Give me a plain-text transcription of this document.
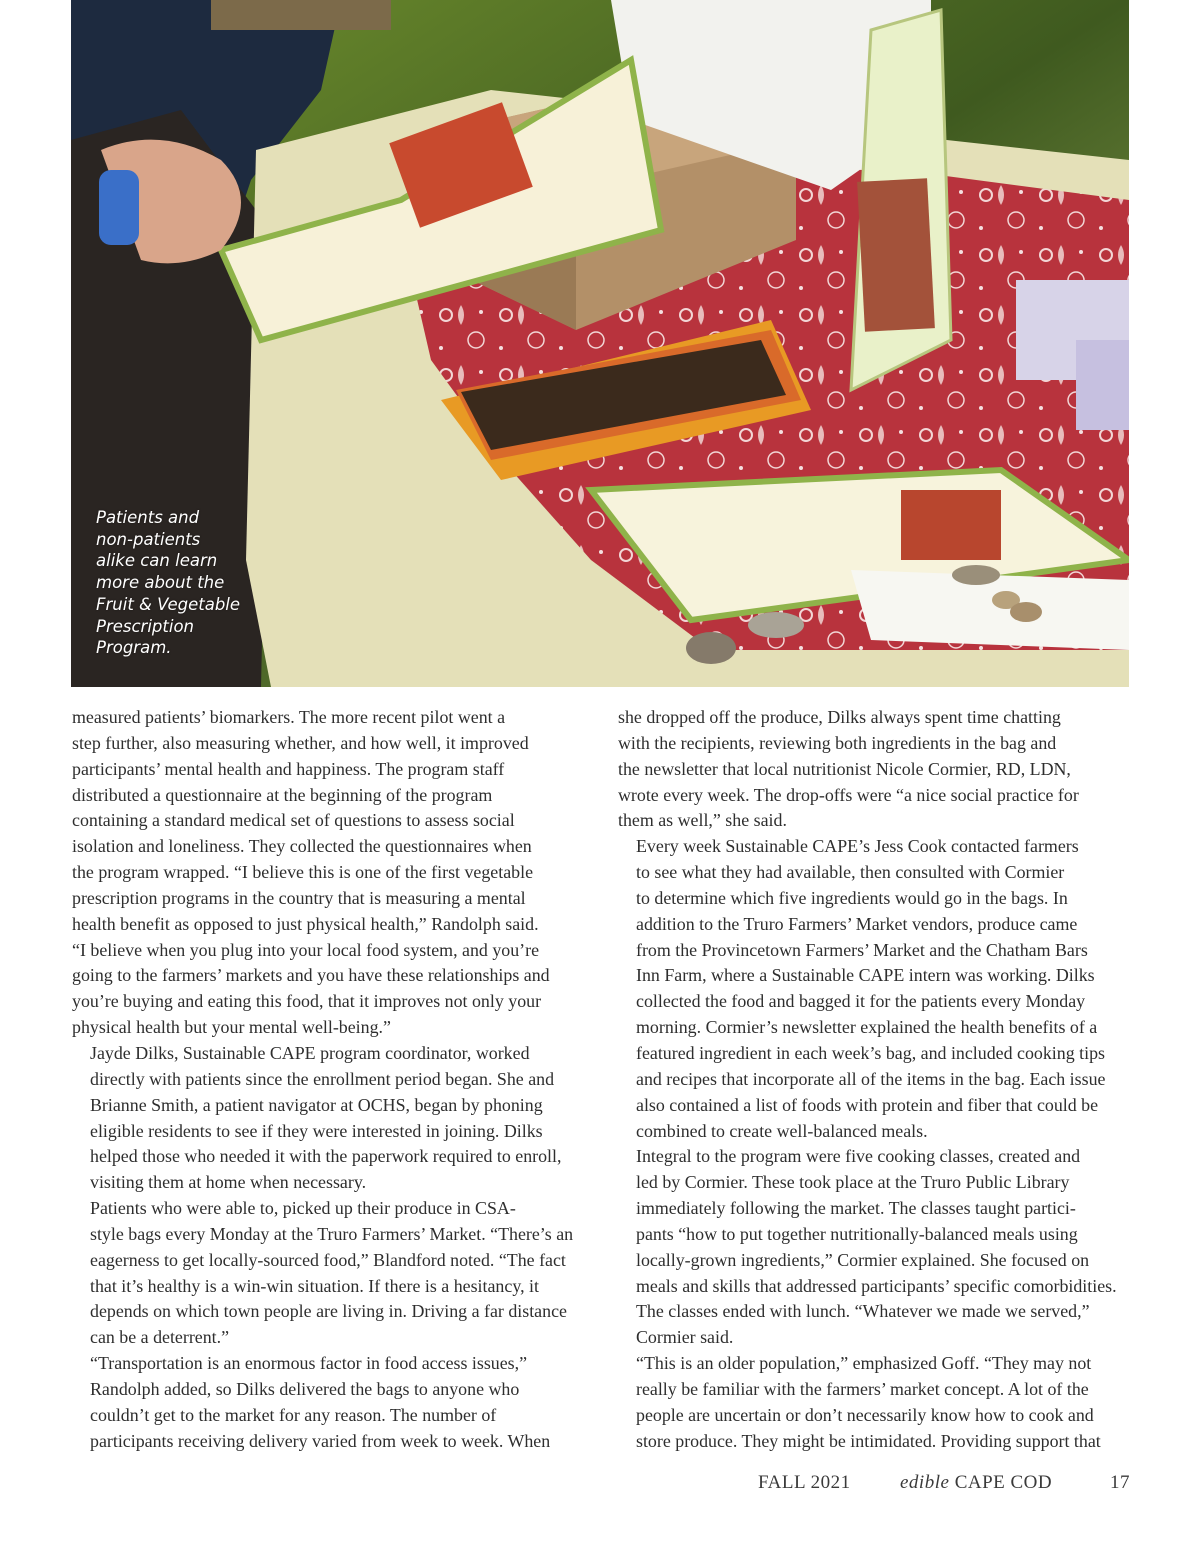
Patients and
non-patients
alike can learn
more about the
Fruit & Vegetable
Prescription
Program.

measured patients’ biomarkers. The more recent pilot went a
step further, also measuring whether, and how well, it improved
participants’ mental health and happiness. The program staff
distributed a questionnaire at the beginning of the program
containing a standard medical set of questions to assess social
isolation and loneliness. They collected the questionnaires when
the program wrapped. “I believe this is one of the first vegetable
prescription programs in the country that is measuring a mental
health benefit as opposed to just physical health,” Randolph said.
“I believe when you plug into your local food system, and you’re
going to the farmers’ markets and you have these relationships and
you’re buying and eating this food, that it improves not only your
physical health but your mental well-being.”

Jayde Dilks, Sustainable CAPE program coordinator, worked
directly with patients since the enrollment period began. She and
Brianne Smith, a patient navigator at OCHS, began by phoning
eligible residents to see if they were interested in joining. Dilks
helped those who needed it with the paperwork required to enroll,
visiting them at home when necessary.

Patients who were able to, picked up their produce in CSA-
style bags every Monday at the Truro Farmers’ Market. “There’s an
eagerness to get locally-sourced food,” Blandford noted. “The fact
that it’s healthy is a win-win situation. If there is a hesitancy, it
depends on which town people are living in. Driving a far distance
can be a deterrent.”

“Transportation is an enormous factor in food access issues,”
Randolph added, so Dilks delivered the bags to anyone who
couldn’t get to the market for any reason. The number of
participants receiving delivery varied from week to week. When

she dropped off the produce, Dilks always spent time chatting
with the recipients, reviewing both ingredients in the bag and
the newsletter that local nutritionist Nicole Cormier, RD, LDN,
wrote every week. The drop-offs were “a nice social practice for
them as well,” she said.

Every week Sustainable CAPE’s Jess Cook contacted farmers
to see what they had available, then consulted with Cormier
to determine which five ingredients would go in the bags. In
addition to the Truro Farmers’ Market vendors, produce came
from the Provincetown Farmers’ Market and the Chatham Bars
Inn Farm, where a Sustainable CAPE intern was working. Dilks
collected the food and bagged it for the patients every Monday
morning. Cormier’s newsletter explained the health benefits of a
featured ingredient in each week’s bag, and included cooking tips
and recipes that incorporate all of the items in the bag. Each issue
also contained a list of foods with protein and fiber that could be
combined to create well-balanced meals.

Integral to the program were five cooking classes, created and
led by Cormier. These took place at the Truro Public Library
immediately following the market. The classes taught partici-
pants “how to put together nutritionally-balanced meals using
locally-grown ingredients,” Cormier explained. She focused on
meals and skills that addressed participants’ specific comorbidities.
The classes ended with lunch. “Whatever we made we served,”
Cormier said.

“This is an older population,” emphasized Goff. “They may not
really be familiar with the farmers’ market concept. A lot of the
people are uncertain or don’t necessarily know how to cook and
store produce. They might be intimidated. Providing support that

FALL 2021	edible CAPE COD	17
